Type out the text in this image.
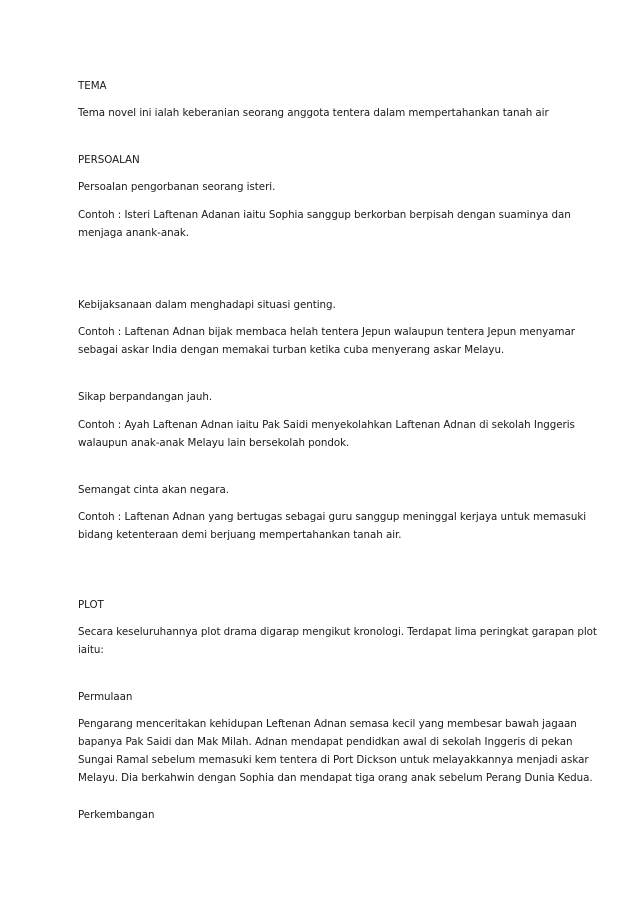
TEMA
Tema novel ini ialah keberanian seorang anggota tentera dalam mempertahankan tanah air
PERSOALAN
Persoalan pengorbanan seorang isteri.
Contoh : Isteri Laftenan Adanan iaitu Sophia sanggup berkorban berpisah dengan suaminya dan
menjaga anank-anak.
Kebijaksanaan dalam menghadapi situasi genting.
Contoh : Laftenan Adnan bijak membaca helah tentera Jepun walaupun tentera Jepun menyamar
sebagai askar India dengan memakai turban ketika cuba menyerang askar Melayu.
Sikap berpandangan jauh.
Contoh : Ayah Laftenan Adnan iaitu Pak Saidi menyekolahkan Laftenan Adnan di sekolah Inggeris
walaupun anak-anak Melayu lain bersekolah pondok.
Semangat cinta akan negara.
Contoh : Laftenan Adnan yang bertugas sebagai guru sanggup meninggal kerjaya untuk memasuki
bidang ketenteraan demi berjuang mempertahankan tanah air.
PLOT
Secara keseluruhannya plot drama digarap mengikut kronologi. Terdapat lima peringkat garapan plot
iaitu:
Permulaan
Pengarang menceritakan kehidupan Leftenan Adnan semasa kecil yang membesar bawah jagaan
bapanya Pak Saidi dan Mak Milah. Adnan mendapat pendidkan awal di sekolah Inggeris di pekan
Sungai Ramal sebelum memasuki kem tentera di Port Dickson untuk melayakkannya menjadi askar
Melayu. Dia berkahwin dengan Sophia dan mendapat tiga orang anak sebelum Perang Dunia Kedua.
Perkembangan
